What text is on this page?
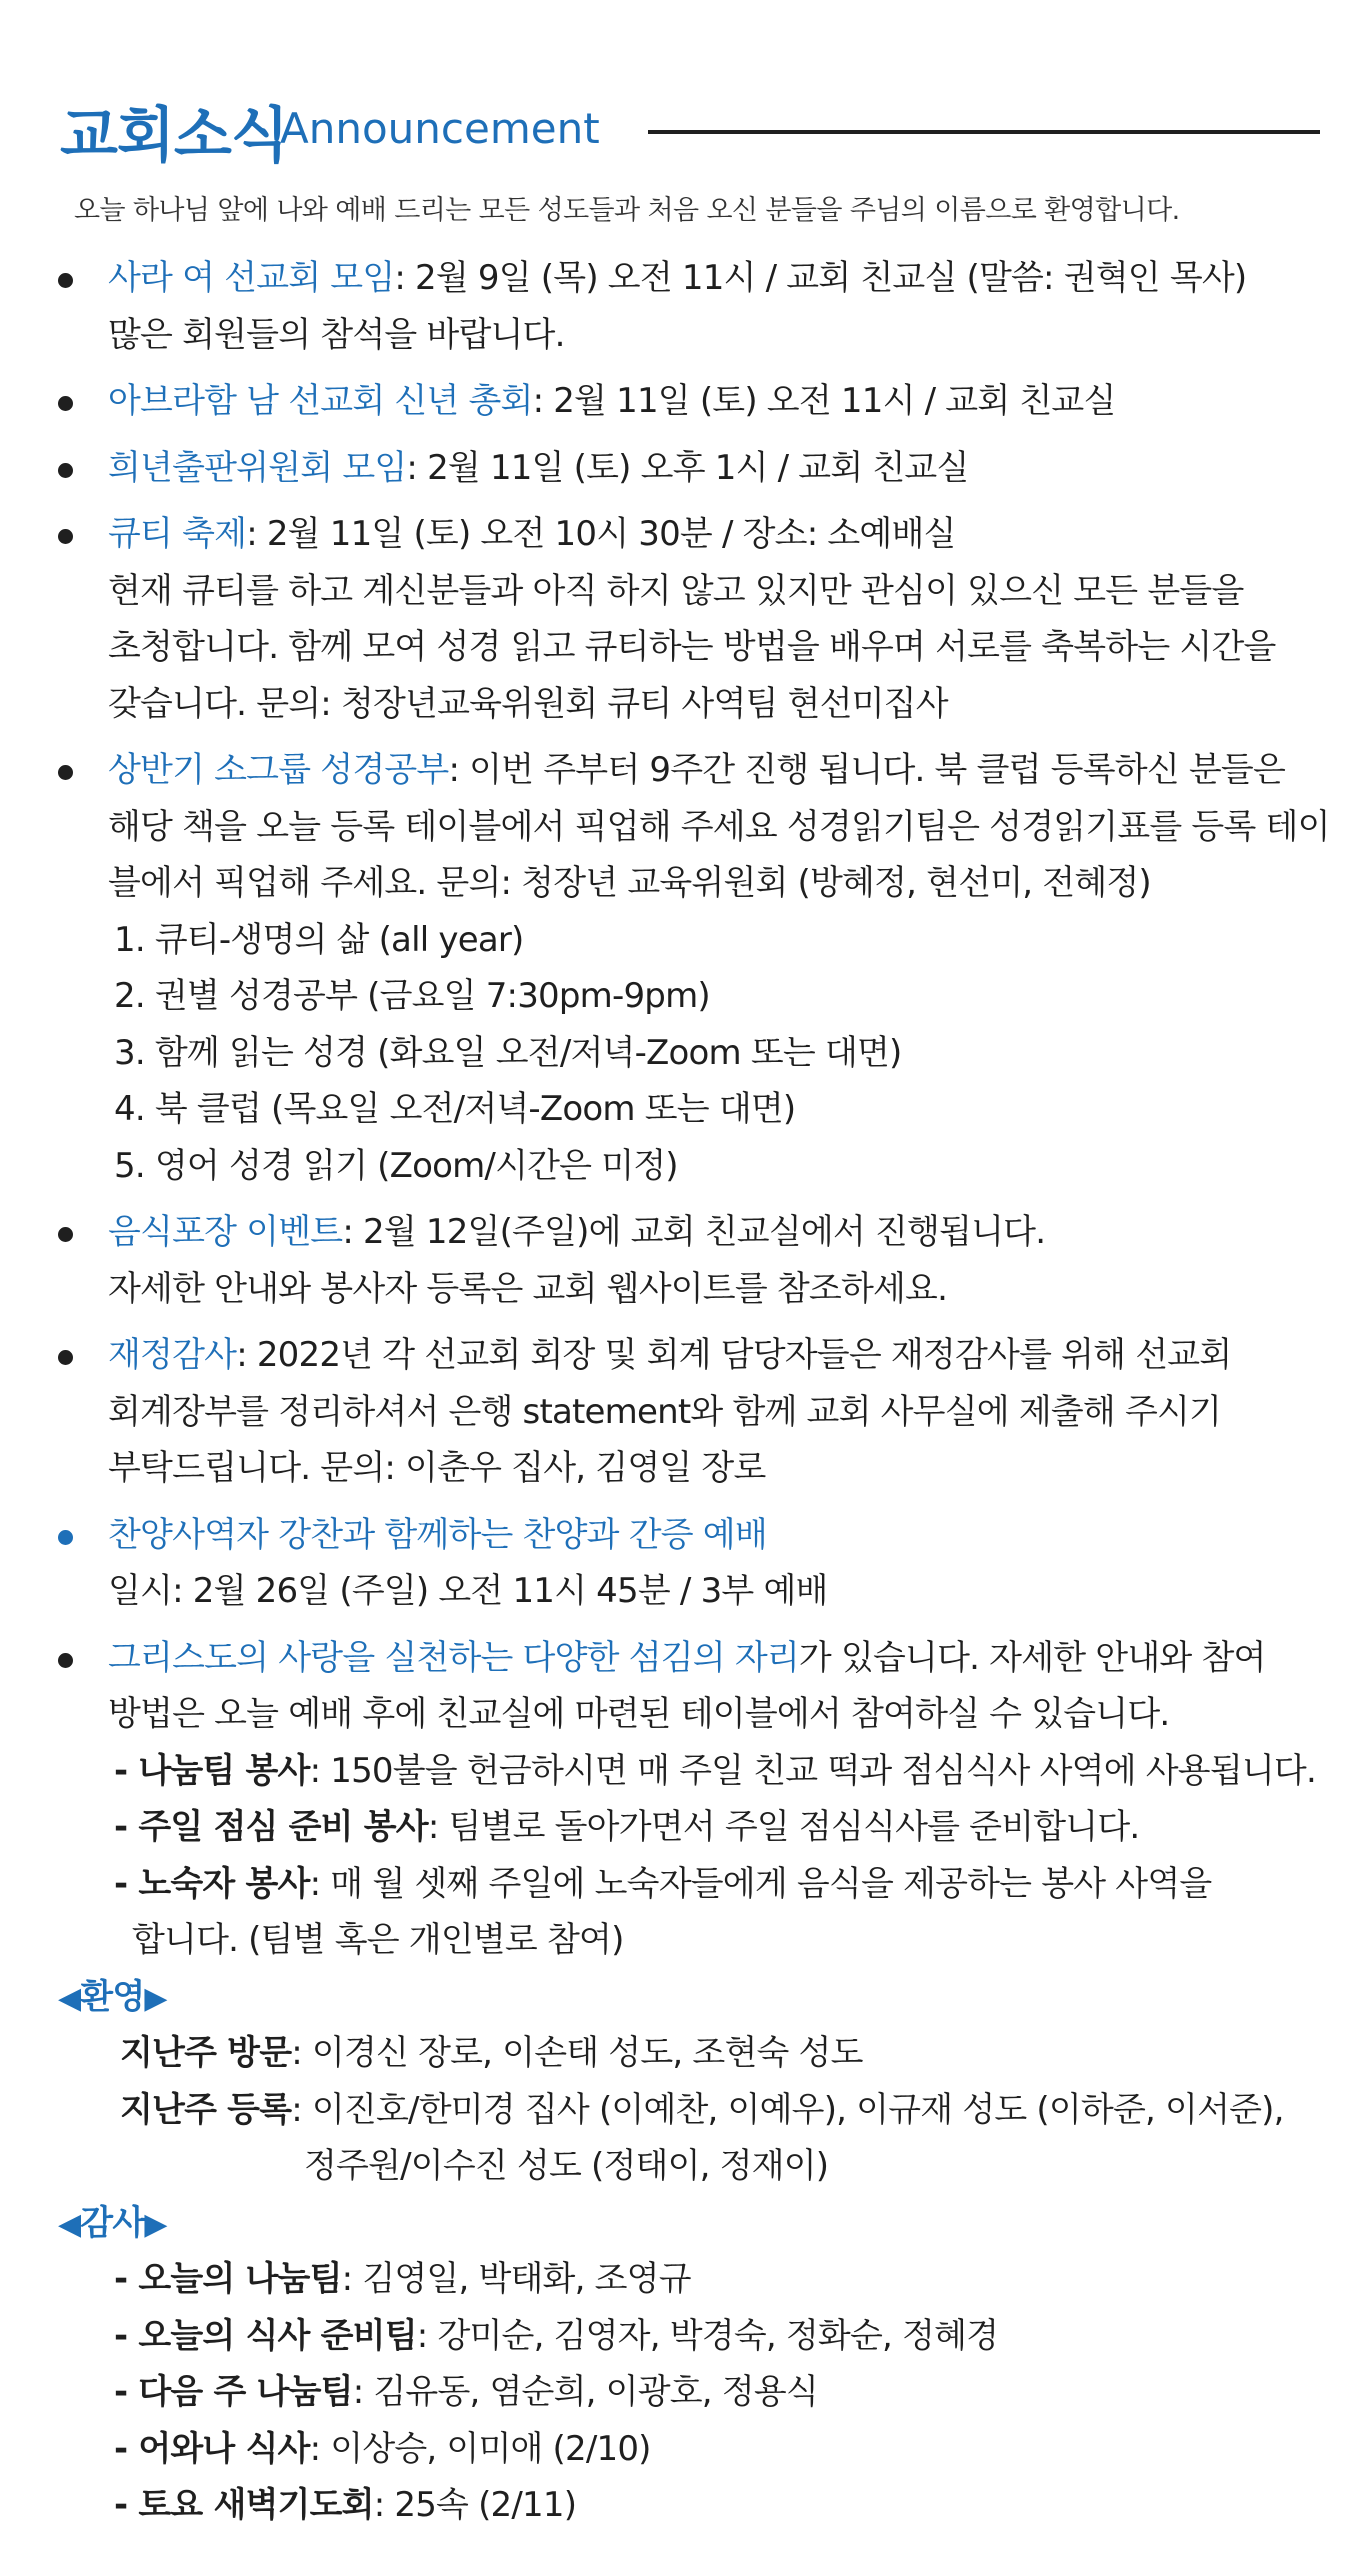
교회소식
Announcement
오늘 하나님 앞에 나와 예배 드리는 모든 성도들과 처음 오신 분들을 주님의 이름으로 환영합니다.
사라 여 선교회 모임: 2월 9일 (목) 오전 11시 / 교회 친교실 (말씀: 권혁인 목사)
많은 회원들의 참석을 바랍니다.
아브라함 남 선교회 신년 총회: 2월 11일 (토) 오전 11시 / 교회 친교실
희년출판위원회 모임: 2월 11일 (토) 오후 1시 / 교회 친교실
큐티 축제: 2월 11일 (토) 오전 10시 30분 / 장소: 소예배실
현재 큐티를 하고 계신분들과 아직 하지 않고 있지만 관심이 있으신 모든 분들을
초청합니다. 함께 모여 성경 읽고 큐티하는 방법을 배우며 서로를 축복하는 시간을
갖습니다. 문의: 청장년교육위원회 큐티 사역팀 현선미집사
상반기 소그룹 성경공부: 이번 주부터 9주간 진행 됩니다. 북 클럽 등록하신 분들은
해당 책을 오늘 등록 테이블에서 픽업해 주세요 성경읽기팀은 성경읽기표를 등록 테이
블에서 픽업해 주세요. 문의: 청장년 교육위원회 (방혜정, 현선미, 전혜정)
1. 큐티-생명의 삶 (all year)
2. 권별 성경공부 (금요일 7:30pm-9pm)
3. 함께 읽는 성경 (화요일 오전/저녁-Zoom 또는 대면)
4. 북 클럽 (목요일 오전/저녁-Zoom 또는 대면)
5. 영어 성경 읽기 (Zoom/시간은 미정)
음식포장 이벤트: 2월 12일(주일)에 교회 친교실에서 진행됩니다.
자세한 안내와 봉사자 등록은 교회 웹사이트를 참조하세요.
재정감사: 2022년 각 선교회 회장 및 회계 담당자들은 재정감사를 위해 선교회
회계장부를 정리하셔서 은행 statement와 함께 교회 사무실에 제출해 주시기
부탁드립니다. 문의: 이춘우 집사, 김영일 장로
찬양사역자 강찬과 함께하는 찬양과 간증 예배
일시: 2월 26일 (주일) 오전 11시 45분 / 3부 예배
그리스도의 사랑을 실천하는 다양한 섬김의 자리가 있습니다. 자세한 안내와 참여
방법은 오늘 예배 후에 친교실에 마련된 테이블에서 참여하실 수 있습니다.
- 나눔팀 봉사: 150불을 헌금하시면 매 주일 친교 떡과 점심식사 사역에 사용됩니다.
- 주일 점심 준비 봉사: 팀별로 돌아가면서 주일 점심식사를 준비합니다.
- 노숙자 봉사: 매 월 셋째 주일에 노숙자들에게 음식을 제공하는 봉사 사역을
합니다. (팀별 혹은 개인별로 참여)
◀환영▶
지난주 방문: 이경신 장로, 이손태 성도, 조현숙 성도
지난주 등록: 이진호/한미경 집사 (이예찬, 이예우), 이규재 성도 (이하준, 이서준),
정주원/이수진 성도 (정태이, 정재이)
◀감사▶
- 오늘의 나눔팀: 김영일, 박태화, 조영규
- 오늘의 식사 준비팀: 강미순, 김영자, 박경숙, 정화순, 정혜경
- 다음 주 나눔팀: 김유동, 염순희, 이광호, 정용식
- 어와나 식사: 이상승, 이미애 (2/10)
- 토요 새벽기도회: 25속 (2/11)
